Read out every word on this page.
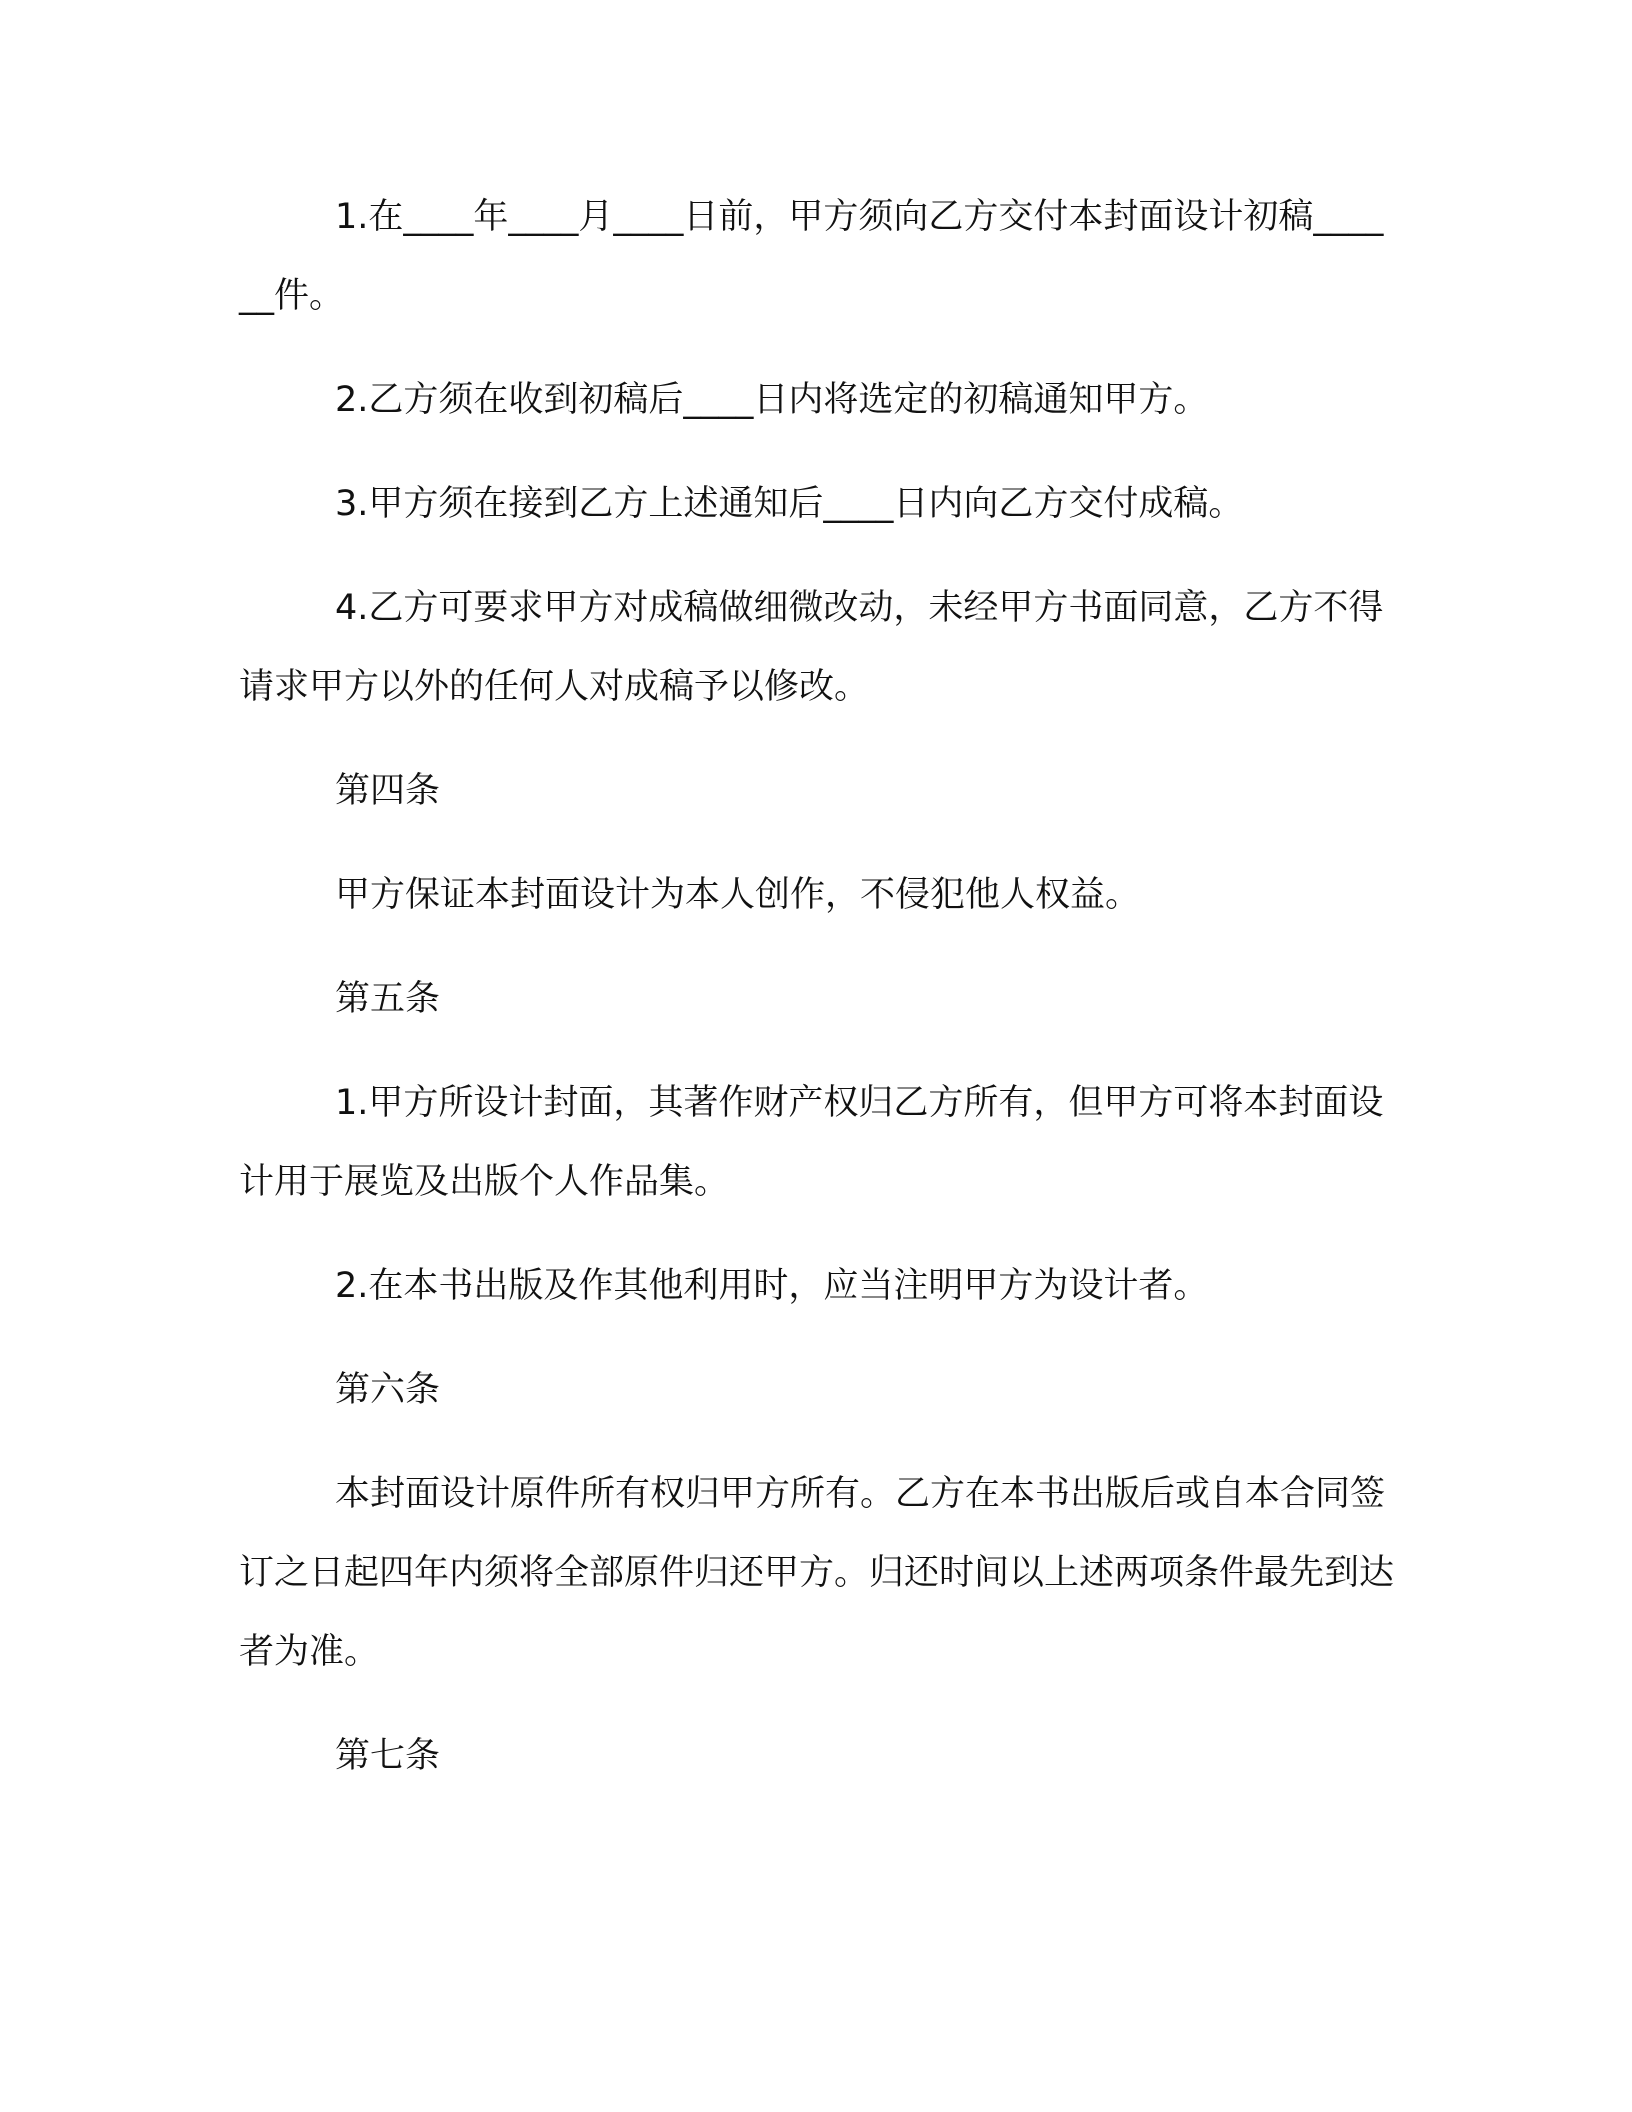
1.在____年____月____日前，甲方须向乙方交付本封面设计初稿______件。

2.乙方须在收到初稿后____日内将选定的初稿通知甲方。

3.甲方须在接到乙方上述通知后____日内向乙方交付成稿。

4.乙方可要求甲方对成稿做细微改动，未经甲方书面同意，乙方不得请求甲方以外的任何人对成稿予以修改。

第四条

甲方保证本封面设计为本人创作，不侵犯他人权益。

第五条

1.甲方所设计封面，其著作财产权归乙方所有，但甲方可将本封面设计用于展览及出版个人作品集。

2.在本书出版及作其他利用时，应当注明甲方为设计者。

第六条

本封面设计原件所有权归甲方所有。乙方在本书出版后或自本合同签订之日起四年内须将全部原件归还甲方。归还时间以上述两项条件最先到达者为准。

第七条
